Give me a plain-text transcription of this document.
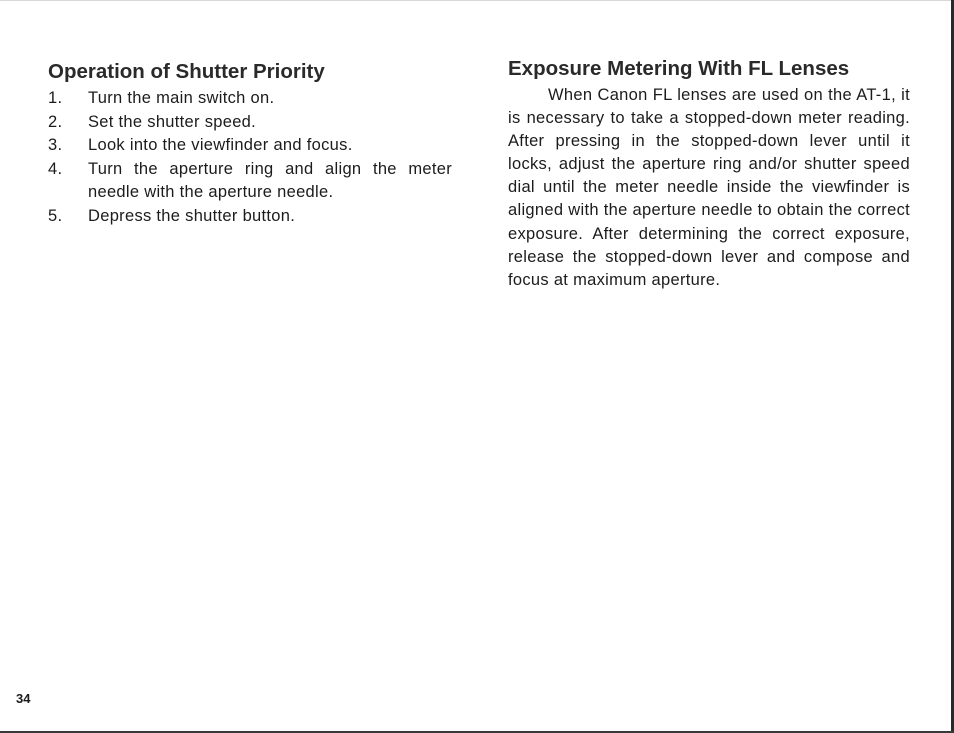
Operation of Shutter Priority
1. Turn the main switch on.
2. Set the shutter speed.
3. Look into the viewfinder and focus.
4. Turn the aperture ring and align the meter needle with the aperture needle.
5. Depress the shutter button.
Exposure Metering With FL Lenses

When Canon FL lenses are used on the AT-1, it is necessary to take a stopped-down meter reading. After pressing in the stopped-down lever until it locks, adjust the aperture ring and/or shutter speed dial until the meter needle inside the viewfinder is aligned with the aperture needle to obtain the correct exposure. After determining the correct exposure, release the stopped-down lever and compose and focus at maximum aperture.

34
